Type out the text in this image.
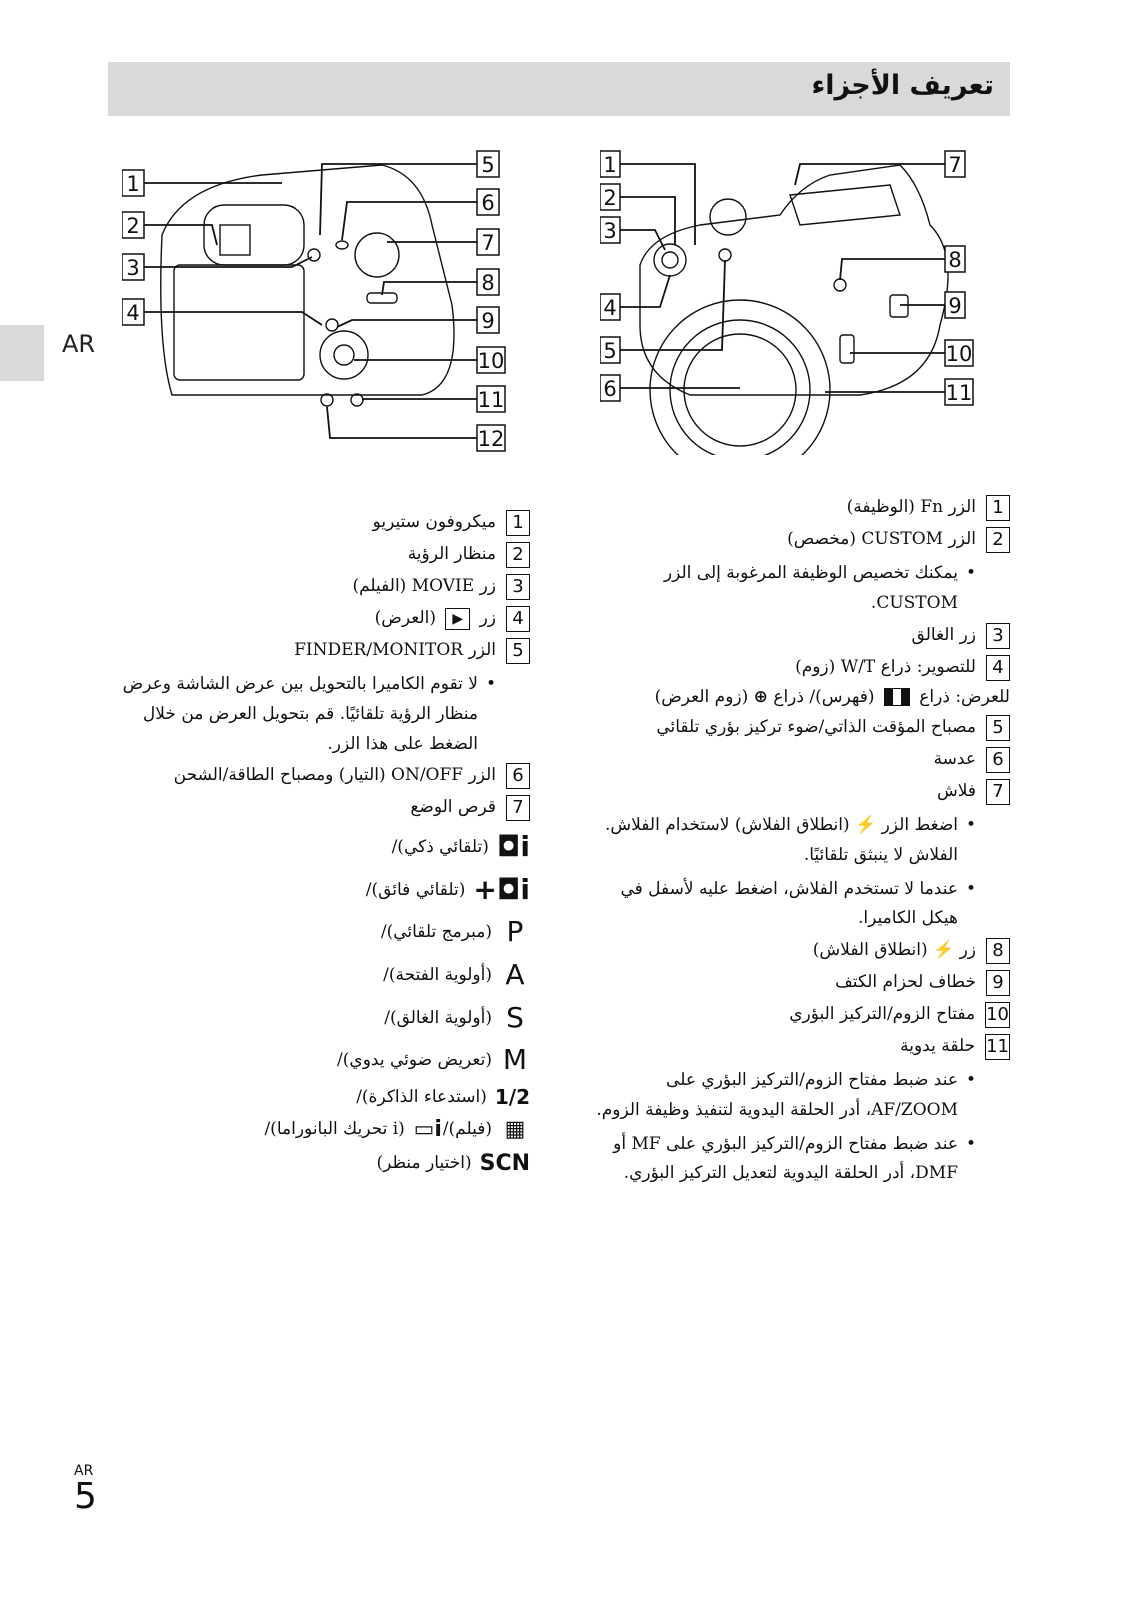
تعريف الأجزاء
AR
1
2
3
4
5
6
7
8
9
10
11
1
2
3
4
5
6
7
8
9
10
11
12
1
الزر Fn (الوظيفة)
2
الزر CUSTOM (مخصص)
• يمكنك تخصيص الوظيفة المرغوبة إلى الزر CUSTOM.
3
زر الغالق
4
للتصوير: ذراع W/T (زوم)
للعرض: ذراع  (فهرس)/ ذراع ⊕ (زوم العرض)
5
مصباح المؤقت الذاتي/ضوء تركيز بؤري تلقائي
6
عدسة
7
فلاش
• اضغط الزر ⚡ (انطلاق الفلاش) لاستخدام الفلاش. الفلاش لا ينبثق تلقائيًا.
• عندما لا تستخدم الفلاش، اضغط عليه لأسفل في هيكل الكاميرا.
8
زر ⚡ (انطلاق الفلاش)
9
خطاف لحزام الكتف
10
مفتاح الزوم/التركيز البؤري
11
حلقة يدوية
• عند ضبط مفتاح الزوم/التركيز البؤري على AF/ZOOM، أدر الحلقة اليدوية لتنفيذ وظيفة الزوم.
• عند ضبط مفتاح الزوم/التركيز البؤري على MF أو DMF، أدر الحلقة اليدوية لتعديل التركيز البؤري.
1
ميكروفون ستيريو
2
منظار الرؤية
3
زر MOVIE (الفيلم)
4
زر ▶ (العرض)
5
الزر FINDER/MONITOR
• لا تقوم الكاميرا بالتحويل بين عرض الشاشة وعرض منظار الرؤية تلقائيًا. قم بتحويل العرض من خلال الضغط على هذا الزر.
6
الزر ON/OFF (التيار) ومصباح الطاقة/الشحن
7
قرص الوضع
i◘
(تلقائي ذكي)/
i◘+
(تلقائي فائق)/
P
(مبرمج تلقائي)/
A
(أولوية الفتحة)/
S
(أولوية الغالق)/
M
(تعريض ضوئي يدوي)/
1/2
(استدعاء الذاكرة)/
▦
(فيلم)/
i▭
(i تحريك البانوراما)/
SCN
(اختيار منظر)
AR
5
